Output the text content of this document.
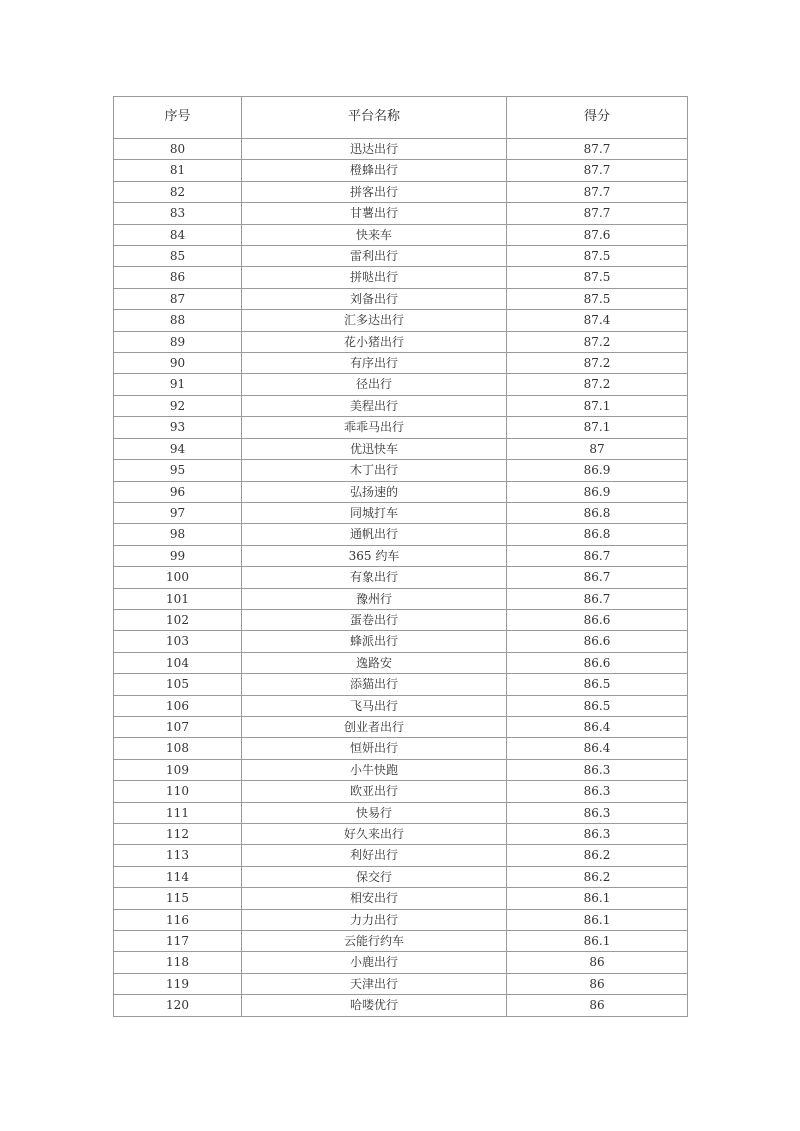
序号	平台名称	得分
80	迅达出行	87.7
81	橙蜂出行	87.7
82	拼客出行	87.7
83	甘薯出行	87.7
84	快来车	87.6
85	雷利出行	87.5
86	拼哒出行	87.5
87	刘备出行	87.5
88	汇多达出行	87.4
89	花小猪出行	87.2
90	有序出行	87.2
91	径出行	87.2
92	美程出行	87.1
93	乖乖马出行	87.1
94	优迅快车	87
95	木丁出行	86.9
96	弘扬速的	86.9
97	同城打车	86.8
98	通帆出行	86.8
99	365 约车	86.7
100	有象出行	86.7
101	豫州行	86.7
102	蛋卷出行	86.6
103	蜂派出行	86.6
104	逸路安	86.6
105	添猫出行	86.5
106	飞马出行	86.5
107	创业者出行	86.4
108	恒妍出行	86.4
109	小牛快跑	86.3
110	欧亚出行	86.3
111	快易行	86.3
112	好久来出行	86.3
113	利好出行	86.2
114	保交行	86.2
115	相安出行	86.1
116	力力出行	86.1
117	云能行约车	86.1
118	小鹿出行	86
119	天津出行	86
120	哈喽优行	86
